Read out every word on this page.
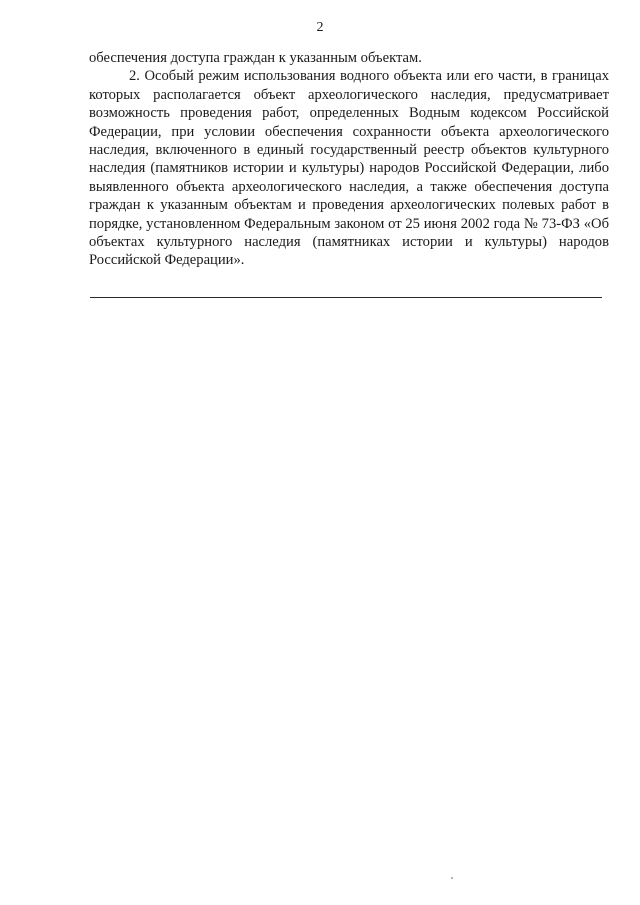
2

обеспечения доступа граждан к указанным объектам.

2. Особый режим использования водного объекта или его части, в границах которых располагается объект археологического наследия, предусматривает возможность проведения работ, определенных Водным кодексом Российской Федерации, при условии обеспечения сохранности объекта археологического наследия, включенного в единый государственный реестр объектов культурного наследия (памятников истории и культуры) народов Российской Федерации, либо выявленного объекта археологического наследия, а также обеспечения доступа граждан к указанным объектам и проведения археологических полевых работ в порядке, установленном Федеральным законом от 25 июня 2002 года № 73-ФЗ «Об объектах культурного наследия (памятниках истории и культуры) народов Российской Федерации».
